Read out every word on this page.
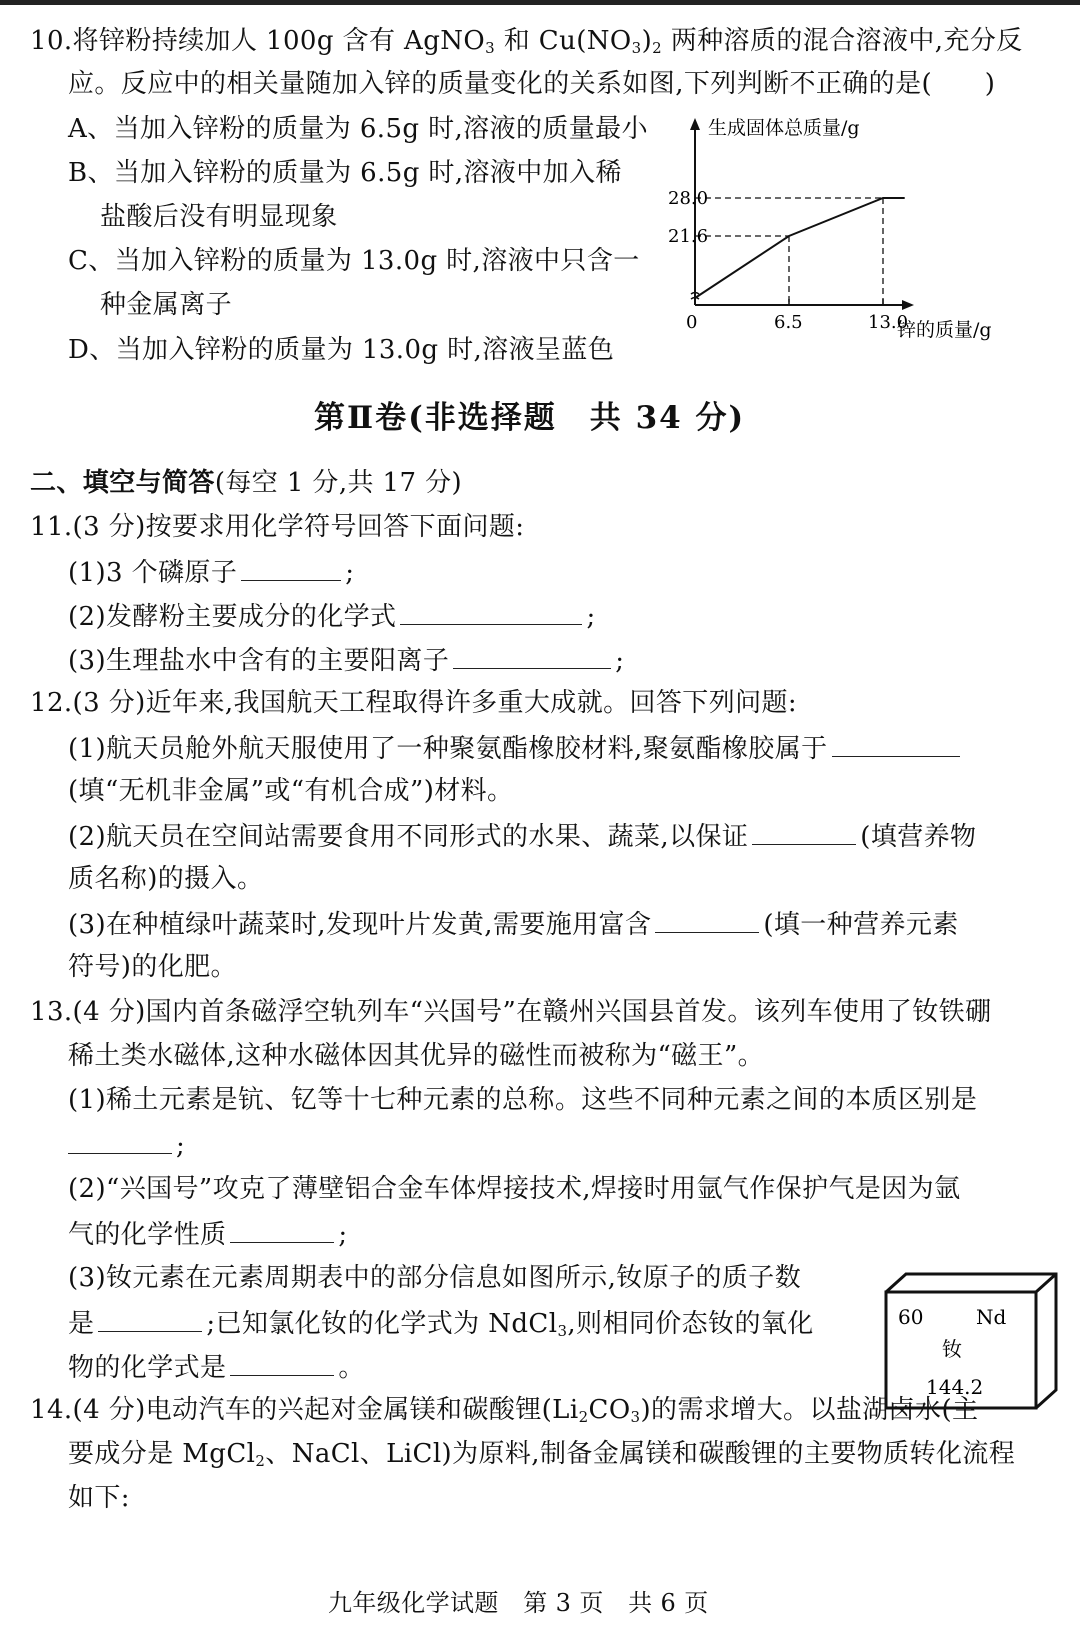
10.将锌粉持续加人 100g 含有 AgNO$_3$ 和 $Cu(NO_3)_2$ 两种溶质的混合溶液中,充分反
应。反应中的相关量随加入锌的质量变化的关系如图,下列判断不正确的是(　　)
A、当加入锌粉的质量为 6.5g 时,溶液的质量最小
B、当加入锌粉的质量为 6.5g 时,溶液中加入稀
盐酸后没有明显现象
C、当加入锌粉的质量为 13.0g 时,溶液中只含一
种金属离子
D、当加入锌粉的质量为 13.0g 时,溶液呈蓝色
生成固体总质量/g
锌的质量/g
0	6.5	13.0
21.6
28.0
第Ⅱ卷(非选择题　共 34 分)
二、填空与简答(每空 1 分,共 17 分)
11.(3 分)按要求用化学符号回答下面问题:
(1)3 个磷原子	;
(2)发酵粉主要成分的化学式	;
(3)生理盐水中含有的主要阳离子	;
12.(3 分)近年来,我国航天工程取得许多重大成就。回答下列问题:
(1)航天员舱外航天服使用了一种聚氨酯橡胶材料,聚氨酯橡胶属于
(填“无机非金属”或“有机合成”)材料。
(2)航天员在空间站需要食用不同形式的水果、蔬菜,以保证	(填营养物
质名称)的摄入。
(3)在种植绿叶蔬菜时,发现叶片发黄,需要施用富含	(填一种营养元素
符号)的化肥。
13.(4 分)国内首条磁浮空轨列车“兴国号”在赣州兴国县首发。该列车使用了钕铁硼
稀土类水磁体,这种水磁体因其优异的磁性而被称为“磁王”。
(1)稀土元素是钪、钇等十七种元素的总称。这些不同种元素之间的本质区别是
;
(2)“兴国号”攻克了薄壁铝合金车体焊接技术,焊接时用氩气作保护气是因为氩
气的化学性质	;
(3)钕元素在元素周期表中的部分信息如图所示,钕原子的质子数
是	;已知氯化钕的化学式为 NdCl$_3$,则相同价态钕的氧化
物的化学式是	。
60	Nd
钕
144.2
14.(4 分)电动汽车的兴起对金属镁和碳酸锂$(Li_2CO_3)$的需求增大。以盐湖卤水(主
要成分是 MgCl$_2$、NaCl、LiCl)为原料,制备金属镁和碳酸锂的主要物质转化流程
如下:
九年级化学试题　第 3 页　共 6 页
